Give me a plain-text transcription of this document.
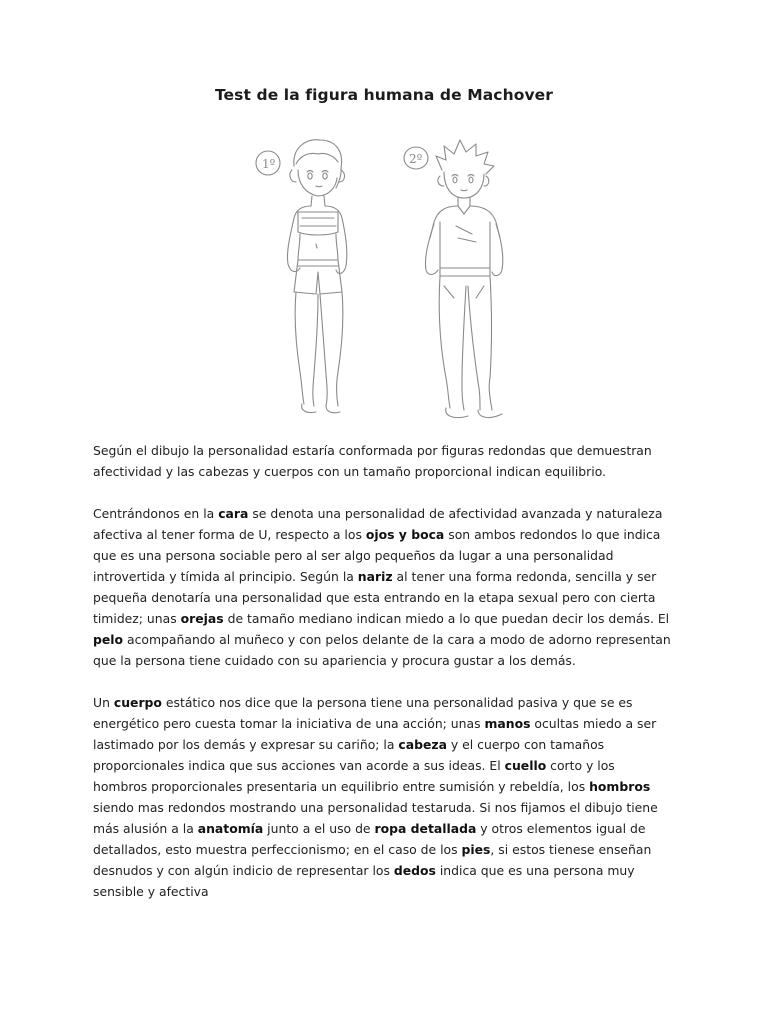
Test de la figura humana de Machover
1º	2º
Según el dibujo la personalidad estaría conformada por figuras redondas que demuestran
afectividad y las cabezas y cuerpos con un tamaño proporcional indican equilibrio.
Centrándonos en la cara se denota una personalidad de afectividad avanzada y naturaleza
afectiva al tener forma de U, respecto a los ojos y boca son ambos redondos lo que indica
que es una persona sociable pero al ser algo pequeños da lugar a una personalidad
introvertida y tímida al principio. Según la nariz al tener una forma redonda, sencilla y ser
pequeña denotaría una personalidad que esta entrando en la etapa sexual pero con cierta
timidez; unas orejas de tamaño mediano indican miedo a lo que puedan decir los demás. El
pelo acompañando al muñeco y con pelos delante de la cara a modo de adorno representan
que la persona tiene cuidado con su apariencia y procura gustar a los demás.
Un cuerpo estático nos dice que la persona tiene una personalidad pasiva y que se es
energético pero cuesta tomar la iniciativa de una acción; unas manos ocultas miedo a ser
lastimado por los demás y expresar su cariño; la cabeza y el cuerpo con tamaños
proporcionales indica que sus acciones van acorde a sus ideas. El cuello corto y los
hombros proporcionales presentaria un equilibrio entre sumisión y rebeldía, los hombros
siendo mas redondos mostrando una personalidad testaruda. Si nos fijamos el dibujo tiene
más alusión a la anatomía junto a el uso de ropa detallada y otros elementos igual de
detallados, esto muestra perfeccionismo; en el caso de los pies, si estos tienese enseñan
desnudos y con algún indicio de representar los dedos indica que es una persona muy
sensible y afectiva
